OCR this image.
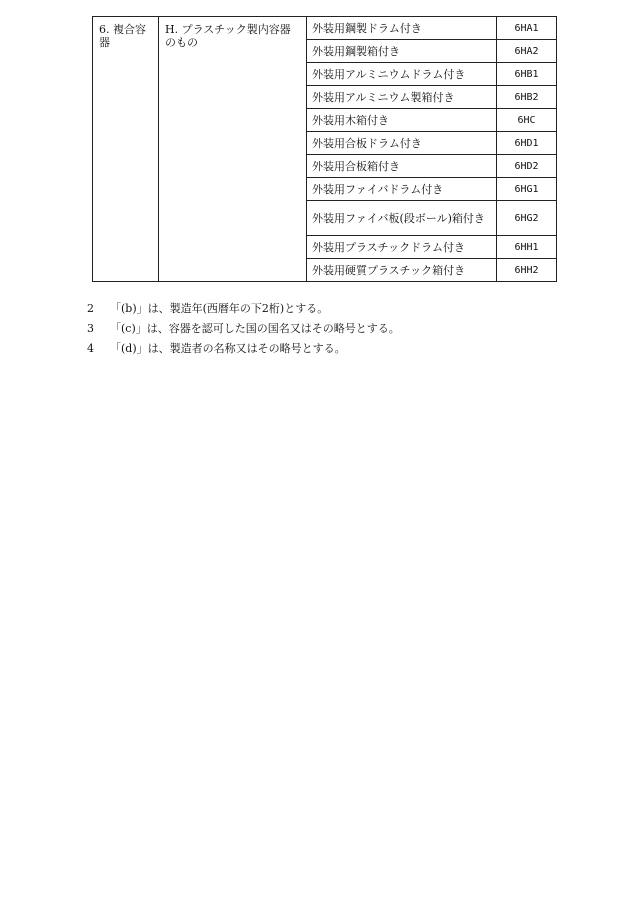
6. 複合容器	H. プラスチック製内容器のもの	外装用鋼製ドラム付き	6HA1
		外装用鋼製箱付き	6HA2
		外装用アルミニウムドラム付き	6HB1
		外装用アルミニウム製箱付き	6HB2
		外装用木箱付き	6HC
		外装用合板ドラム付き	6HD1
		外装用合板箱付き	6HD2
		外装用ファイバドラム付き	6HG1
		外装用ファイバ板(段ボール)箱付き	6HG2
		外装用プラスチックドラム付き	6HH1
		外装用硬質プラスチック箱付き	6HH2
2	「(b)」は、製造年(西暦年の下2桁)とする。
3	「(c)」は、容器を認可した国の国名又はその略号とする。
4	「(d)」は、製造者の名称又はその略号とする。
